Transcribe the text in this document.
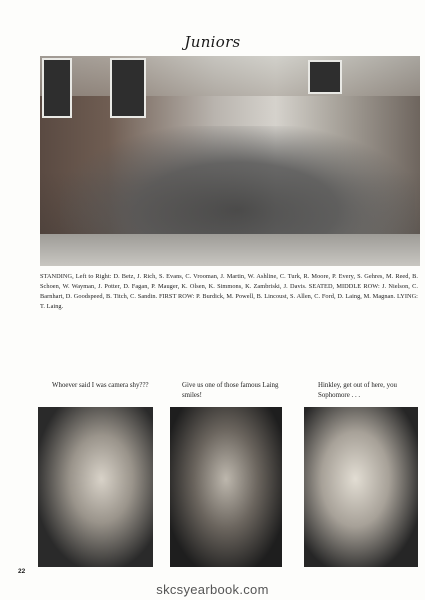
Juniors
STANDING, Left to Right: D. Betz, J. Rich, S. Evans, C. Vrooman, J. Martin, W. Ashline, C. Turk, R. Moore, P. Every, S. Gehres, M. Reed, B. Schoen, W. Wayman, J. Potter, D. Fagan, P. Mauger, K. Olsen, K. Simmons, K. Zambriski, J. Davis. SEATED, MIDDLE ROW: J. Nielson, C. Barnhart, D. Goodspeed, B. Titch, C. Sandin. FIRST ROW: P. Burdick, M. Powell, B. Lincoust, S. Allen, C. Ford, D. Laing, M. Magnan. LYING: T. Laing.
Whoever said I was camera shy???	Give us one of those famous Laing smiles!
Hinkley, get out of here, you Sophomore . . .
22
skcsyearbook.com
